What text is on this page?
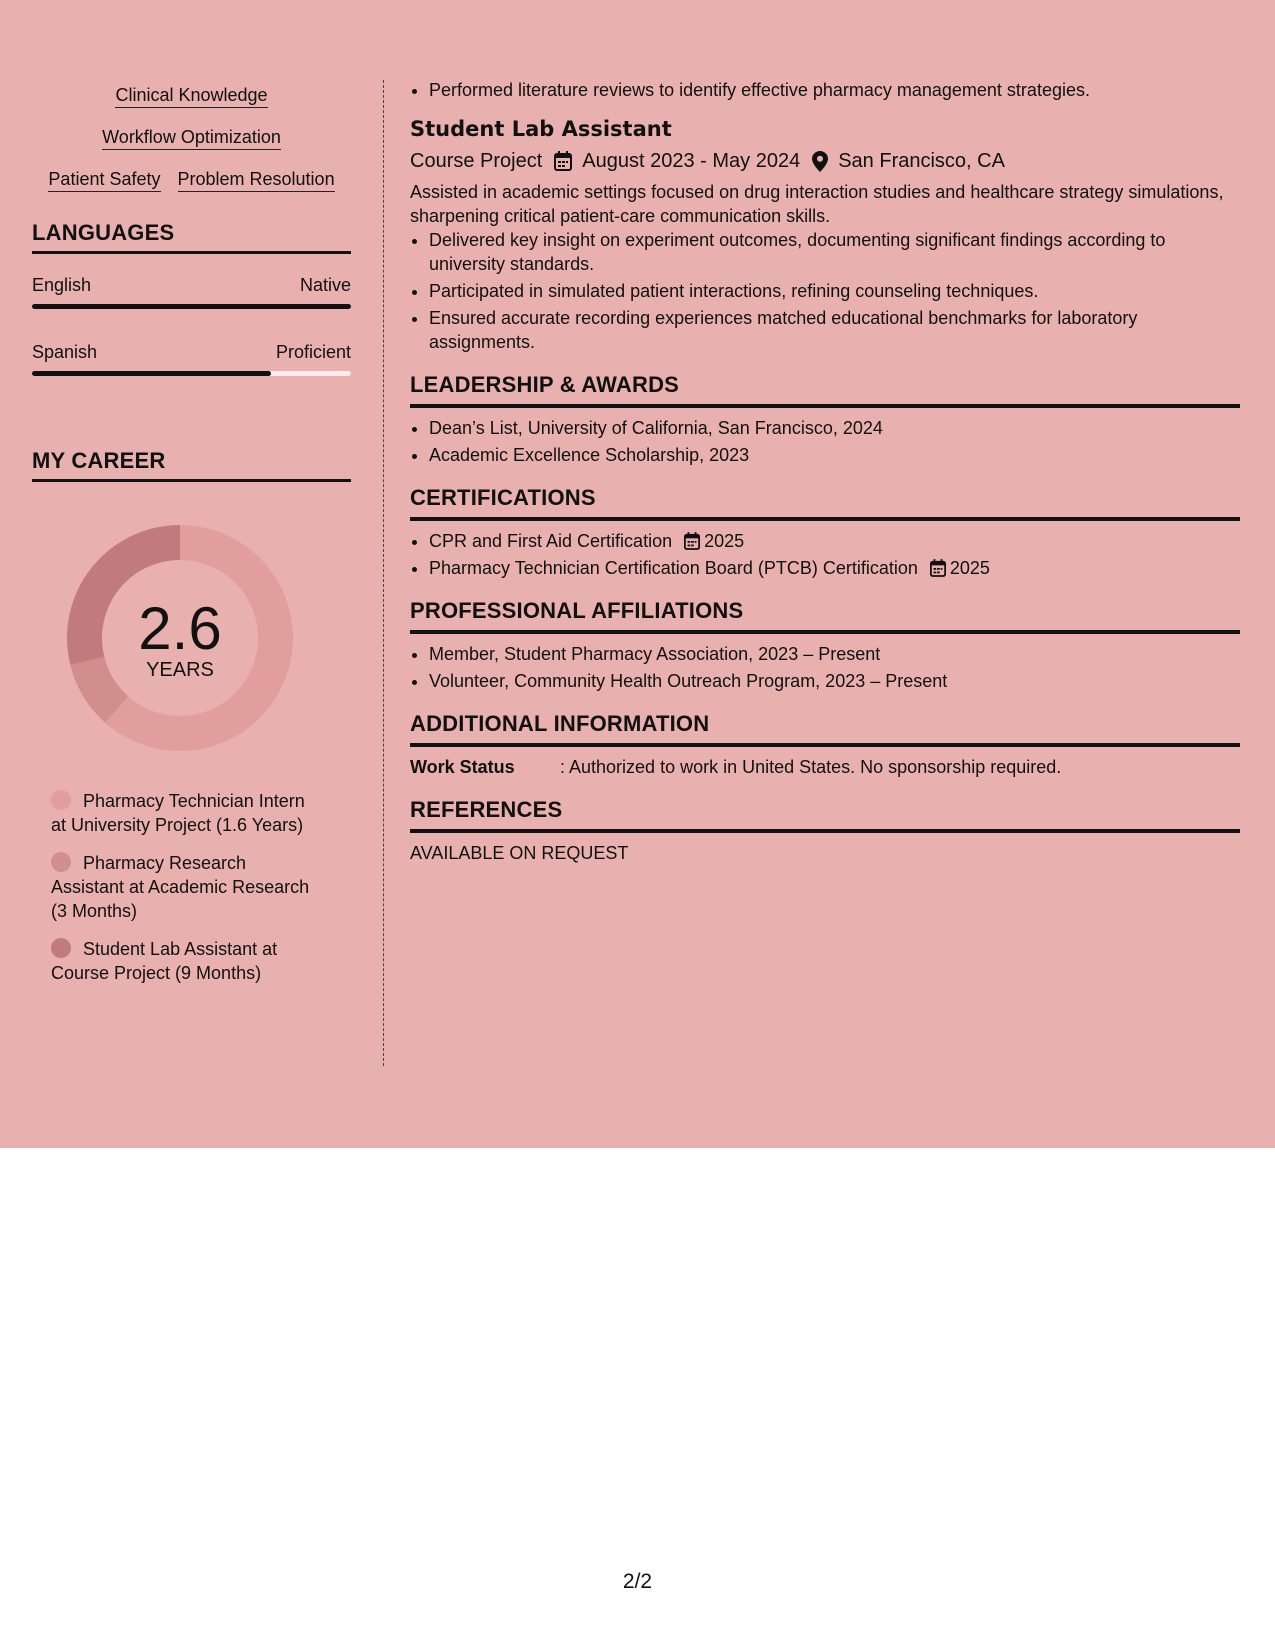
Clinical Knowledge
Workflow Optimization
Patient Safety Problem Resolution
LANGUAGES
English	Native
Spanish	Proficient
MY CAREER
2.6
YEARS
Pharmacy Technician Intern at University Project (1.6 Years)
Pharmacy Research Assistant at Academic Research (3 Months)
Student Lab Assistant at Course Project (9 Months)
• Performed literature reviews to identify effective pharmacy management strategies.
Student Lab Assistant
Course Project August 2023 - May 2024 San Francisco, CA
Assisted in academic settings focused on drug interaction studies and healthcare strategy simulations, sharpening critical patient-care communication skills.
• Delivered key insight on experiment outcomes, documenting significant findings according to university standards.
• Participated in simulated patient interactions, refining counseling techniques.
• Ensured accurate recording experiences matched educational benchmarks for laboratory assignments.
LEADERSHIP & AWARDS
• Dean’s List, University of California, San Francisco, 2024
• Academic Excellence Scholarship, 2023
CERTIFICATIONS
• CPR and First Aid Certification 2025
• Pharmacy Technician Certification Board (PTCB) Certification 2025
PROFESSIONAL AFFILIATIONS
• Member, Student Pharmacy Association, 2023 – Present
• Volunteer, Community Health Outreach Program, 2023 – Present
ADDITIONAL INFORMATION
Work Status	: Authorized to work in United States. No sponsorship required.
REFERENCES
AVAILABLE ON REQUEST
2/2
